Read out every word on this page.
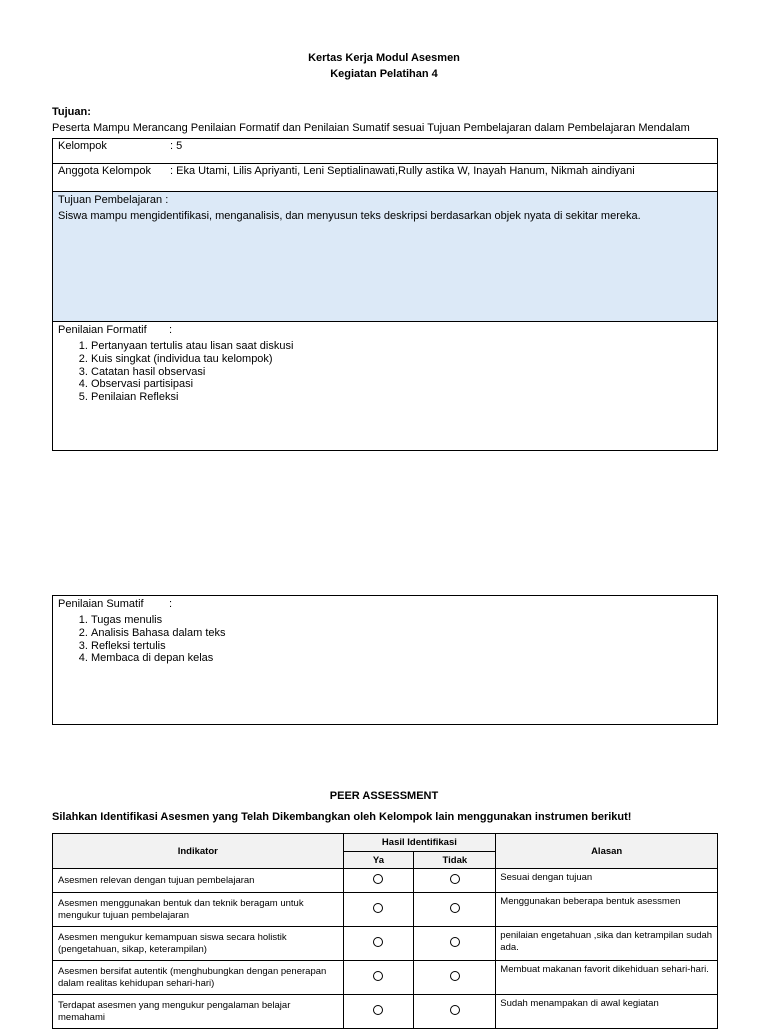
Kertas Kerja Modul Asesmen
Kegiatan Pelatihan 4
Tujuan:
Peserta Mampu Merancang Penilaian Formatif dan Penilaian Sumatif sesuai Tujuan Pembelajaran dalam Pembelajaran Mendalam
Kelompok	: 5
Anggota Kelompok : Eka Utami, Lilis Apriyanti, Leni Septialinawati,Rully astika W, Inayah Hanum, Nikmah aindiyani
Tujuan Pembelajaran :
Siswa mampu mengidentifikasi, menganalisis, dan menyusun teks deskripsi berdasarkan objek nyata di sekitar mereka.
Penilaian Formatif :
1. Pertanyaan tertulis atau lisan saat diskusi
2. Kuis singkat (individua tau kelompok)
3. Catatan hasil observasi
4. Observasi partisipasi
5. Penilaian Refleksi
Penilaian Sumatif :
1. Tugas menulis
2. Analisis Bahasa dalam teks
3. Refleksi tertulis
4. Membaca di depan kelas
PEER ASSESSMENT
Silahkan Identifikasi Asesmen yang Telah Dikembangkan oleh Kelompok lain menggunakan instrumen berikut!
Indikator	Hasil Identifikasi		Alasan
	Ya	Tidak	
Asesmen relevan dengan tujuan pembelajaran			Sesuai dengan tujuan
Asesmen menggunakan bentuk dan teknik beragam untuk mengukur tujuan pembelajaran			Menggunakan beberapa bentuk asessmen
Asesmen mengukur kemampuan siswa secara holistik (pengetahuan, sikap, keterampilan)			penilaian engetahuan ,sika dan ketrampilan sudah ada.
Asesmen bersifat autentik (menghubungkan dengan penerapan dalam realitas kehidupan sehari-hari)			Membuat makanan favorit dikehiduan sehari-hari.
Terdapat asesmen yang mengukur pengalaman belajar memahami			Sudah menampakan di awal kegiatan
